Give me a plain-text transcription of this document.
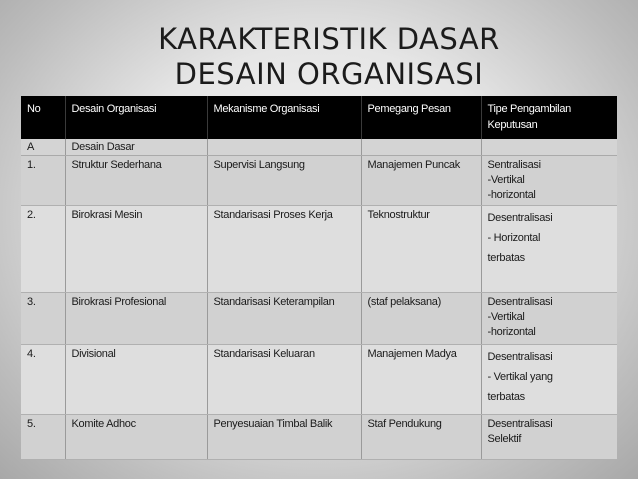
KARAKTERISTIK DASAR
DESAIN ORGANISASI
No	Desain Organisasi	Mekanisme Organisasi	Pemegang Pesan	Tipe Pengambilan Keputusan
A	Desain Dasar			
1.	Struktur Sederhana	Supervisi Langsung	Manajemen Puncak	Sentralisasi
-Vertikal
-horizontal

2.	Birokrasi Mesin	Standarisasi Proses Kerja	Teknostruktur	Desentralisasi
- Horizontal
terbatas

3.	Birokrasi Profesional	Standarisasi Keterampilan	(staf pelaksana)	Desentralisasi
-Vertikal
-horizontal

4.	Divisional	Standarisasi Keluaran	Manajemen Madya	Desentralisasi
- Vertikal yang
terbatas

5.	Komite Adhoc	Penyesuaian Timbal Balik	Staf Pendukung	Desentralisasi
Selektif
